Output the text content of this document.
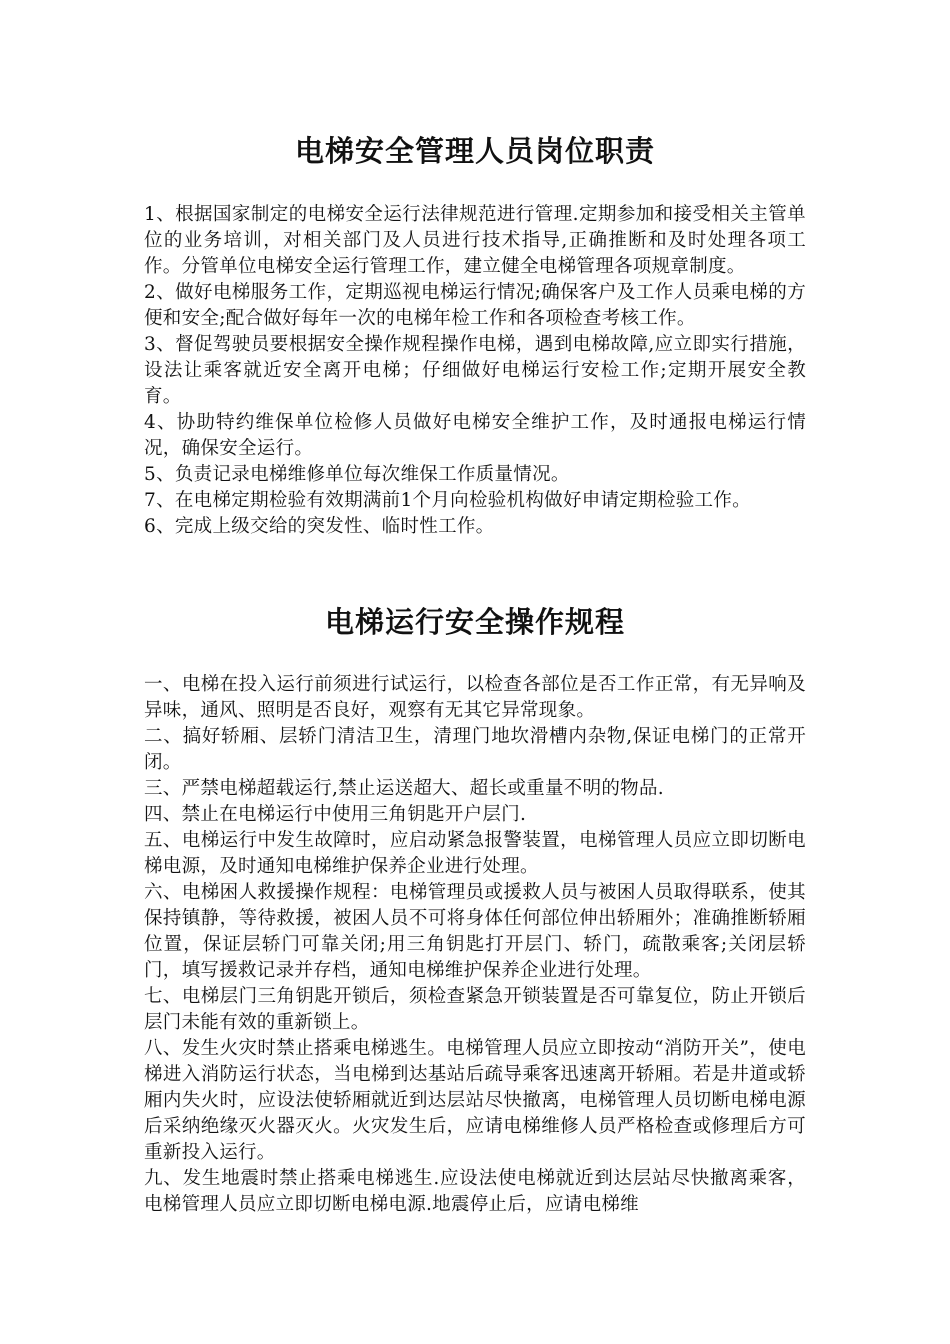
电梯安全管理人员岗位职责

1、根据国家制定的电梯安全运行法律规范进行管理.定期参加和接受相关主管单位的业务培训，对相关部门及人员进行技术指导,正确推断和及时处理各项工作。分管单位电梯安全运行管理工作，建立健全电梯管理各项规章制度。

2、做好电梯服务工作，定期巡视电梯运行情况;确保客户及工作人员乘电梯的方便和安全;配合做好每年一次的电梯年检工作和各项检查考核工作。

3、督促驾驶员要根据安全操作规程操作电梯，遇到电梯故障,应立即实行措施，设法让乘客就近安全离开电梯；仔细做好电梯运行安检工作;定期开展安全教育。

4、协助特约维保单位检修人员做好电梯安全维护工作，及时通报电梯运行情况，确保安全运行。

5、负责记录电梯维修单位每次维保工作质量情况。

7、在电梯定期检验有效期满前1个月向检验机构做好申请定期检验工作。

6、完成上级交给的突发性、临时性工作。

电梯运行安全操作规程

一、电梯在投入运行前须进行试运行，以检查各部位是否工作正常，有无异响及异味，通风、照明是否良好，观察有无其它异常现象。

二、搞好轿厢、层轿门清洁卫生，清理门地坎滑槽内杂物,保证电梯门的正常开闭。

三、严禁电梯超载运行,禁止运送超大、超长或重量不明的物品.

四、禁止在电梯运行中使用三角钥匙开户层门.

五、电梯运行中发生故障时，应启动紧急报警装置，电梯管理人员应立即切断电梯电源，及时通知电梯维护保养企业进行处理。

六、电梯困人救援操作规程：电梯管理员或援救人员与被困人员取得联系，使其保持镇静，等待救援，被困人员不可将身体任何部位伸出轿厢外；准确推断轿厢位置，保证层轿门可靠关闭;用三角钥匙打开层门、轿门，疏散乘客;关闭层轿门，填写援救记录并存档，通知电梯维护保养企业进行处理。

七、电梯层门三角钥匙开锁后，须检查紧急开锁装置是否可靠复位，防止开锁后层门未能有效的重新锁上。

八、发生火灾时禁止搭乘电梯逃生。电梯管理人员应立即按动“消防开关”，使电梯进入消防运行状态，当电梯到达基站后疏导乘客迅速离开轿厢。若是井道或轿厢内失火时，应设法使轿厢就近到达层站尽快撤离，电梯管理人员切断电梯电源后采纳绝缘灭火器灭火。火灾发生后，应请电梯维修人员严格检查或修理后方可重新投入运行。

九、发生地震时禁止搭乘电梯逃生.应设法使电梯就近到达层站尽快撤离乘客，电梯管理人员应立即切断电梯电源.地震停止后，应请电梯维
